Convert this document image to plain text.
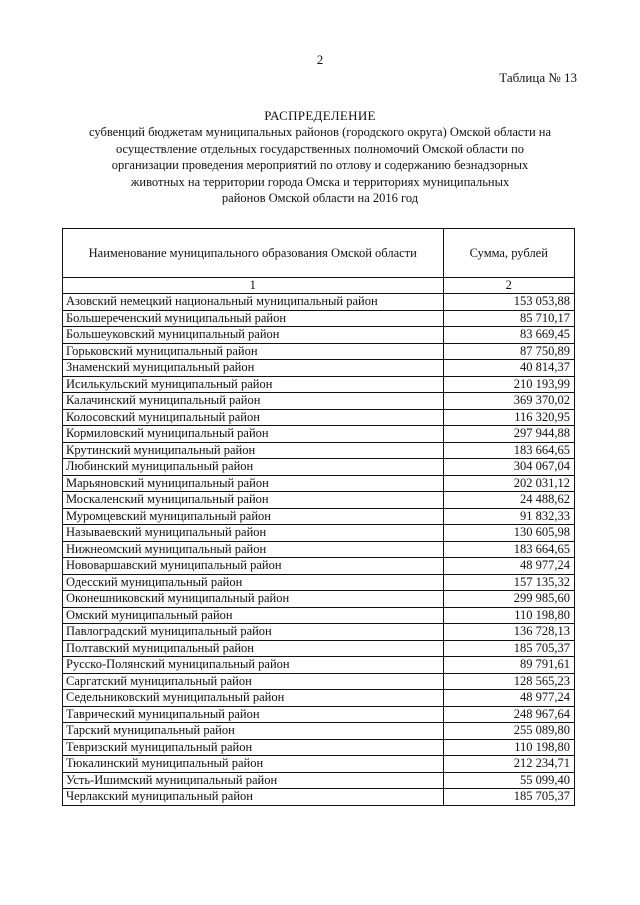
2
Таблица № 13
РАСПРЕДЕЛЕНИЕ
субвенций бюджетам муниципальных районов (городского округа) Омской области на
осуществление отдельных государственных полномочий Омской области по
организации проведения мероприятий по отлову и содержанию безнадзорных
животных на территории города Омска и территориях муниципальных
районов Омской области на 2016 год
Наименование муниципального образования Омской области	Сумма, рублей
1	2
Азовский немецкий национальный муниципальный район	153 053,88
Большереченский муниципальный район	85 710,17
Большеуковский муниципальный район	83 669,45
Горьковский муниципальный район	87 750,89
Знаменский муниципальный район	40 814,37
Исилькульский муниципальный район	210 193,99
Калачинский муниципальный район	369 370,02
Колосовский муниципальный район	116 320,95
Кормиловский муниципальный район	297 944,88
Крутинский муниципальный район	183 664,65
Любинский муниципальный район	304 067,04
Марьяновский муниципальный район	202 031,12
Москаленский муниципальный район	24 488,62
Муромцевский муниципальный район	91 832,33
Называевский муниципальный район	130 605,98
Нижнеомский муниципальный район	183 664,65
Нововаршавский муниципальный район	48 977,24
Одесский муниципальный район	157 135,32
Оконешниковский муниципальный район	299 985,60
Омский муниципальный район	110 198,80
Павлоградский муниципальный район	136 728,13
Полтавский муниципальный район	185 705,37
Русско-Полянский муниципальный район	89 791,61
Саргатский муниципальный район	128 565,23
Седельниковский муниципальный район	48 977,24
Таврический муниципальный район	248 967,64
Тарский муниципальный район	255 089,80
Тевризский муниципальный район	110 198,80
Тюкалинский муниципальный район	212 234,71
Усть-Ишимский муниципальный район	55 099,40
Черлакский муниципальный район	185 705,37
